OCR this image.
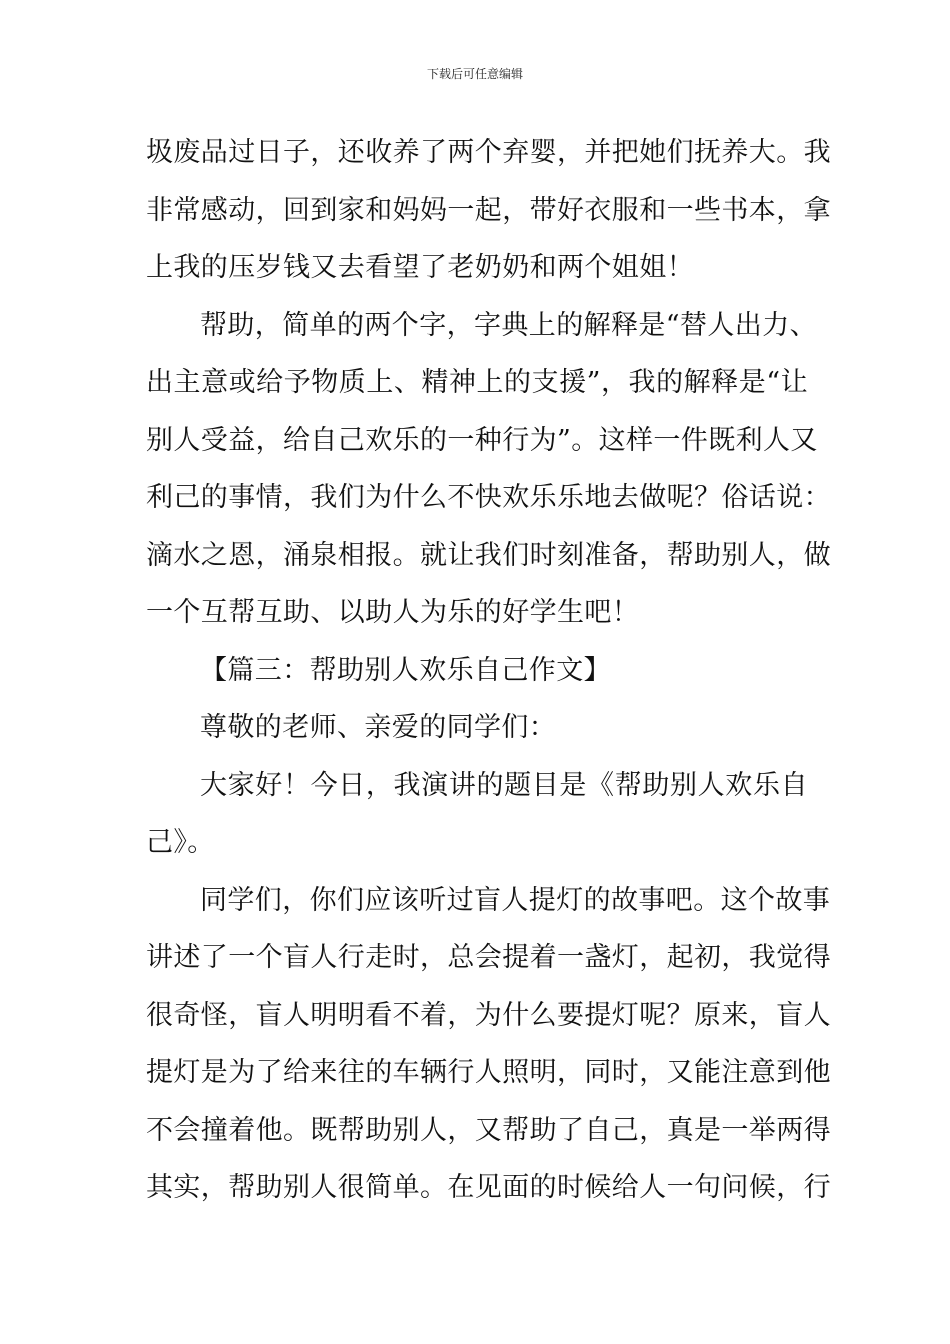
下载后可任意编辑
圾废品过日子，还收养了两个弃婴，并把她们抚养大。我
非常感动，回到家和妈妈一起，带好衣服和一些书本，拿
上我的压岁钱又去看望了老奶奶和两个姐姐！
帮助，简单的两个字，字典上的解释是“替人出力、
出主意或给予物质上、精神上的支援”，我的解释是“让
别人受益，给自己欢乐的一种行为”。这样一件既利人又
利己的事情，我们为什么不快欢乐乐地去做呢？俗话说：
滴水之恩，涌泉相报。就让我们时刻准备，帮助别人，做
一个互帮互助、以助人为乐的好学生吧！
【篇三：帮助别人欢乐自己作文】
尊敬的老师、亲爱的同学们：
大家好！今日，我演讲的题目是《帮助别人欢乐自
己》。
同学们，你们应该听过盲人提灯的故事吧。这个故事
讲述了一个盲人行走时，总会提着一盏灯，起初，我觉得
很奇怪，盲人明明看不着，为什么要提灯呢？原来，盲人
提灯是为了给来往的车辆行人照明，同时，又能注意到他
不会撞着他。既帮助别人，又帮助了自己，真是一举两得
其实，帮助别人很简单。在见面的时候给人一句问候，行
